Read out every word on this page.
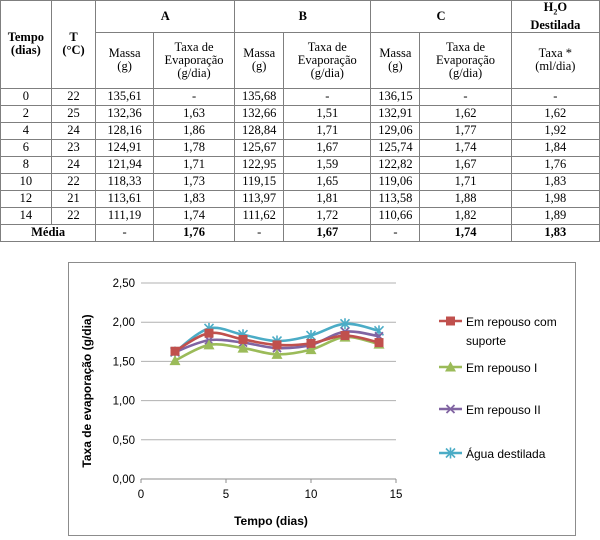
Tempo (dias)	T (°C)	A		B		C		$H_2O$
Destilada
		Massa (g)	Taxa de Evaporação (g/dia)	Massa (g)	Taxa de Evaporação (g/dia)	Massa (g)	Taxa de Evaporação (g/dia)	Taxa * (ml/dia)
0	22	135,61	-	135,68	-	136,15	-	-
2	25	132,36	1,63	132,66	1,51	132,91	1,62	1,62
4	24	128,16	1,86	128,84	1,71	129,06	1,77	1,92
6	23	124,91	1,78	125,67	1,67	125,74	1,74	1,84
8	24	121,94	1,71	122,95	1,59	122,82	1,67	1,76
10	22	118,33	1,73	119,15	1,65	119,06	1,71	1,83
12	21	113,61	1,83	113,97	1,81	113,58	1,88	1,98
14	22	111,19	1,74	111,62	1,72	110,66	1,82	1,89
Média		-	1,76	-	1,67	-	1,74	1,83
Tempo (dias)
Taxa de evaporação (g/dia)
0,00
0,50
1,00
1,50
2,00
2,50
0	5	10	15
Em repouso com
suporte
Em repouso I
Em repouso II
Água destilada
